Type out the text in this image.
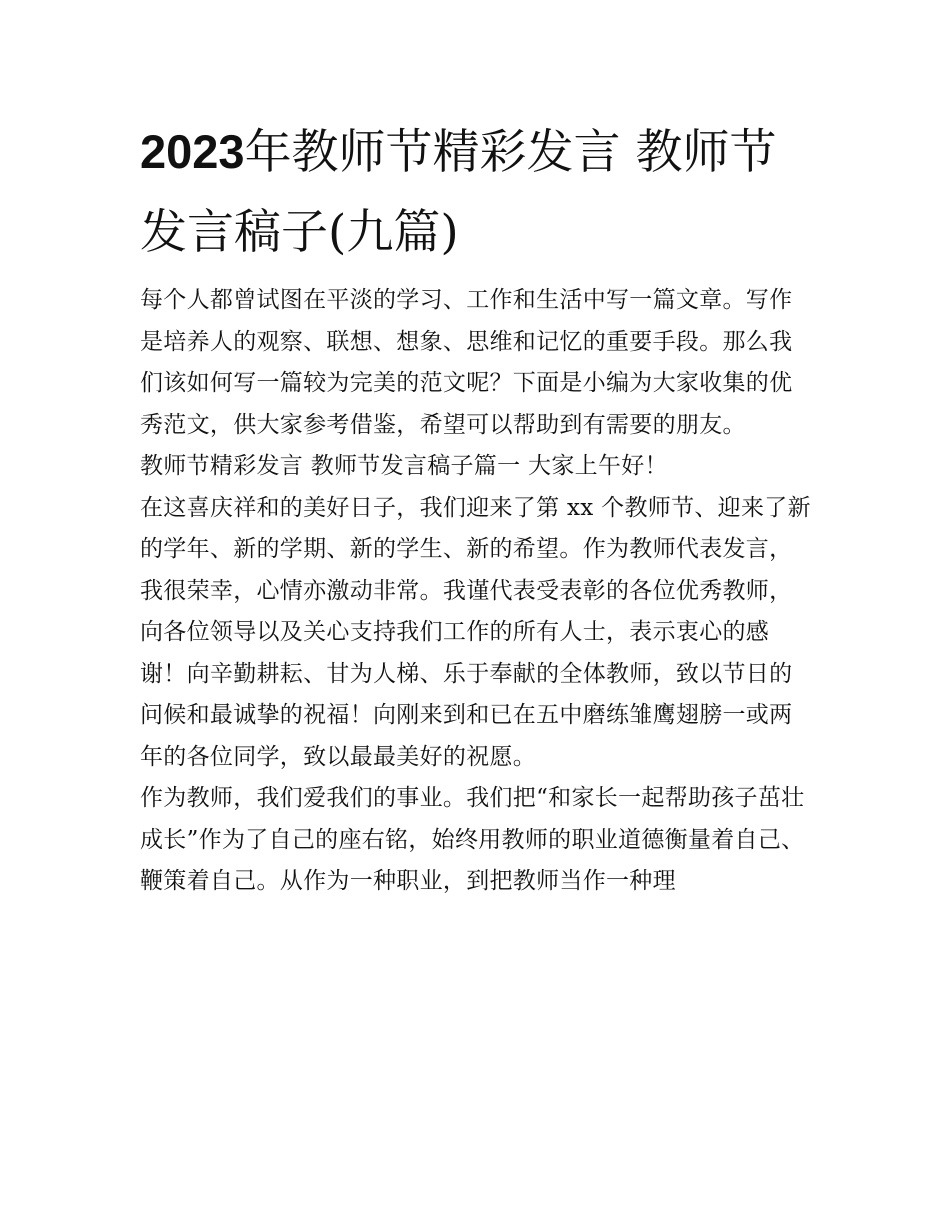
2023年教师节精彩发言 教师节发言稿子(九篇)

每个人都曾试图在平淡的学习、工作和生活中写一篇文章。写作是培养人的观察、联想、想象、思维和记忆的重要手段。那么我们该如何写一篇较为完美的范文呢？下面是小编为大家收集的优秀范文，供大家参考借鉴，希望可以帮助到有需要的朋友。

教师节精彩发言 教师节发言稿子篇一 大家上午好！

在这喜庆祥和的美好日子，我们迎来了第 xx 个教师节、迎来了新的学年、新的学期、新的学生、新的希望。作为教师代表发言，我很荣幸，心情亦激动非常。我谨代表受表彰的各位优秀教师，向各位领导以及关心支持我们工作的所有人士，表示衷心的感谢！向辛勤耕耘、甘为人梯、乐于奉献的全体教师，致以节日的问候和最诚挚的祝福！向刚来到和已在五中磨练雏鹰翅膀一或两年的各位同学，致以最最美好的祝愿。

作为教师，我们爱我们的事业。我们把“和家长一起帮助孩子茁壮成长”作为了自己的座右铭，始终用教师的职业道德衡量着自己、鞭策着自己。从作为一种职业，到把教师当作一种理
